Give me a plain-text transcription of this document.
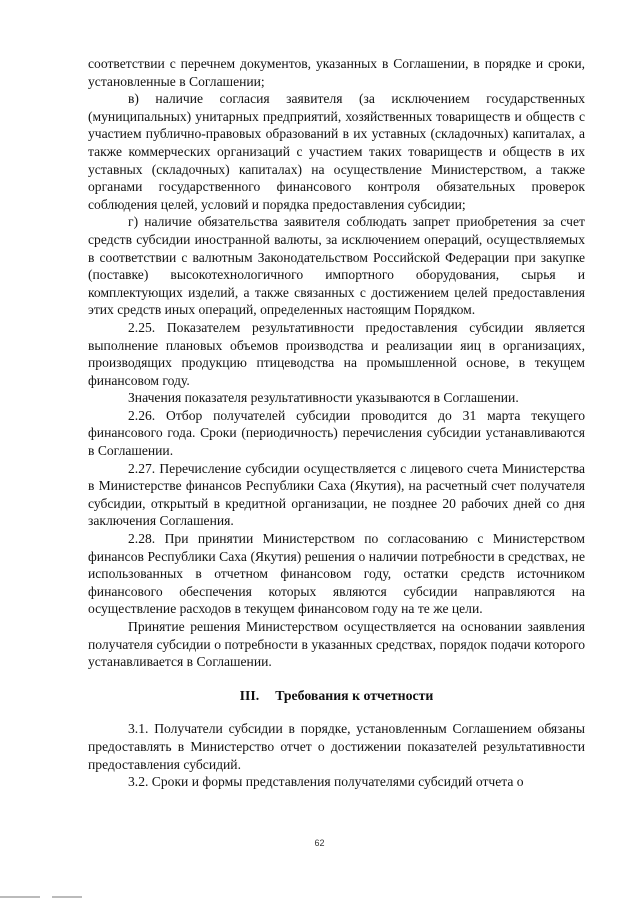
соответствии с перечнем документов, указанных в Соглашении, в порядке и сроки, установленные в Соглашении;

в) наличие согласия заявителя (за исключением государственных (муниципальных) унитарных предприятий, хозяйственных товариществ и обществ с участием публично-правовых образований в их уставных (складочных) капиталах, а также коммерческих организаций с участием таких товариществ и обществ в их уставных (складочных) капиталах) на осуществление Министерством, а также органами государственного финансового контроля обязательных проверок соблюдения целей, условий и порядка предоставления субсидии;

г) наличие обязательства заявителя соблюдать запрет приобретения за счет средств субсидии иностранной валюты, за исключением операций, осуществляемых в соответствии с валютным Законодательством Российской Федерации при закупке (поставке) высокотехнологичного импортного оборудования, сырья и комплектующих изделий, а также связанных с достижением целей предоставления этих средств иных операций, определенных настоящим Порядком.

2.25. Показателем результативности предоставления субсидии является выполнение плановых объемов производства и реализации яиц в организациях, производящих продукцию птицеводства на промышленной основе, в текущем финансовом году.

Значения показателя результативности указываются в Соглашении.

2.26. Отбор получателей субсидии проводится до 31 марта текущего финансового года. Сроки (периодичность) перечисления субсидии устанавливаются в Соглашении.

2.27. Перечисление субсидии осуществляется с лицевого счета Министерства в Министерстве финансов Республики Саха (Якутия), на расчетный счет получателя субсидии, открытый в кредитной организации, не позднее 20 рабочих дней со дня заключения Соглашения.

2.28. При принятии Министерством по согласованию с Министерством финансов Республики Саха (Якутия) решения о наличии потребности в средствах, не использованных в отчетном финансовом году, остатки средств источником финансового обеспечения которых являются субсидии направляются на осуществление расходов в текущем финансовом году на те же цели.

Принятие решения Министерством осуществляется на основании заявления получателя субсидии о потребности в указанных средствах, порядок подачи которого устанавливается в Соглашении.

III. Требования к отчетности

3.1. Получатели субсидии в порядке, установленным Соглашением обязаны предоставлять в Министерство отчет о достижении показателей результативности предоставления субсидий.

3.2. Сроки и формы представления получателями субсидий отчета о

62
